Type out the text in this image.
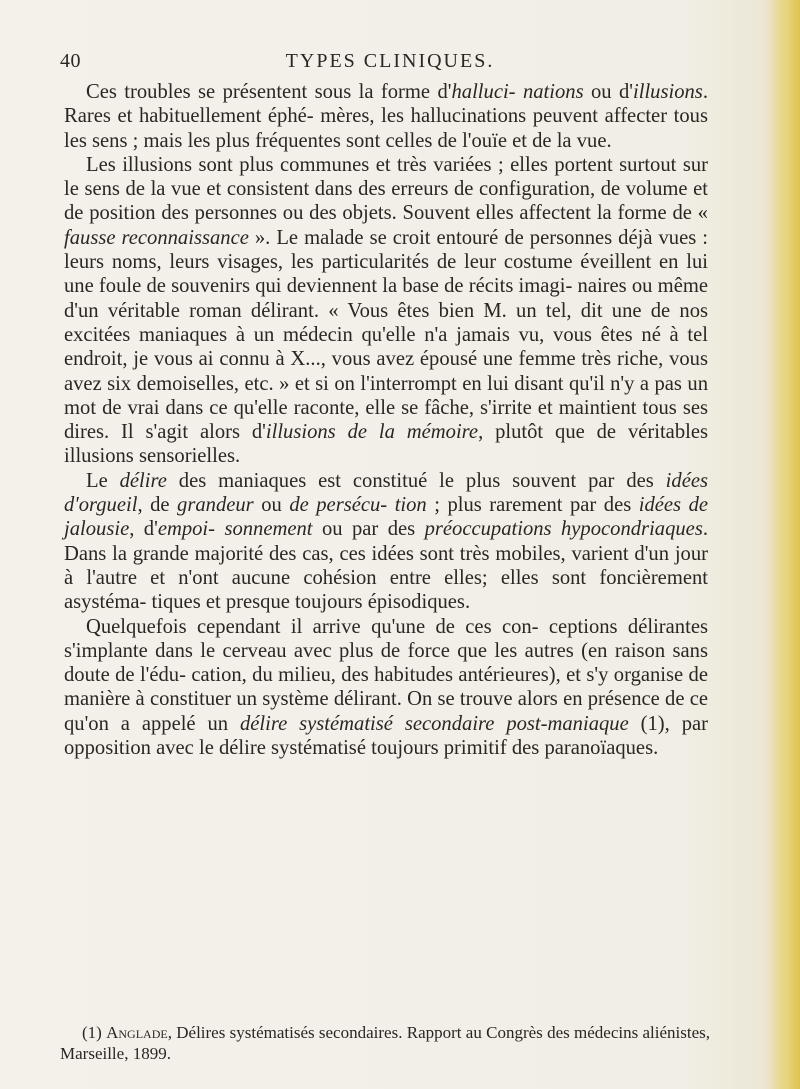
40	TYPES CLINIQUES.

Ces troubles se présentent sous la forme d'halluci- nations ou d'illusions. Rares et habituellement éphé- mères, les hallucinations peuvent affecter tous les sens ; mais les plus fréquentes sont celles de l'ouïe et de la vue.

Les illusions sont plus communes et très variées ; elles portent surtout sur le sens de la vue et consistent dans des erreurs de configuration, de volume et de position des personnes ou des objets. Souvent elles affectent la forme de « fausse reconnaissance ». Le malade se croit entouré de personnes déjà vues : leurs noms, leurs visages, les particularités de leur costume éveillent en lui une foule de souvenirs qui deviennent la base de récits imagi- naires ou même d'un véritable roman délirant. « Vous êtes bien M. un tel, dit une de nos excitées maniaques à un médecin qu'elle n'a jamais vu, vous êtes né à tel endroit, je vous ai connu à X..., vous avez épousé une femme très riche, vous avez six demoiselles, etc. » et si on l'interrompt en lui disant qu'il n'y a pas un mot de vrai dans ce qu'elle raconte, elle se fâche, s'irrite et maintient tous ses dires. Il s'agit alors d'illusions de la mémoire, plutôt que de véritables illusions sensorielles.

Le délire des maniaques est constitué le plus souvent par des idées d'orgueil, de grandeur ou de persécu- tion ; plus rarement par des idées de jalousie, d'empoi- sonnement ou par des préoccupations hypocondriaques. Dans la grande majorité des cas, ces idées sont très mobiles, varient d'un jour à l'autre et n'ont aucune cohésion entre elles; elles sont foncièrement asystéma- tiques et presque toujours épisodiques.

Quelquefois cependant il arrive qu'une de ces con- ceptions délirantes s'implante dans le cerveau avec plus de force que les autres (en raison sans doute de l'édu- cation, du milieu, des habitudes antérieures), et s'y organise de manière à constituer un système délirant. On se trouve alors en présence de ce qu'on a appelé un délire systématisé secondaire post-maniaque (1), par opposition avec le délire systématisé toujours primitif des paranoïaques.

(1) Anglade, Délires systématisés secondaires. Rapport au Congrès des médecins aliénistes, Marseille, 1899.
